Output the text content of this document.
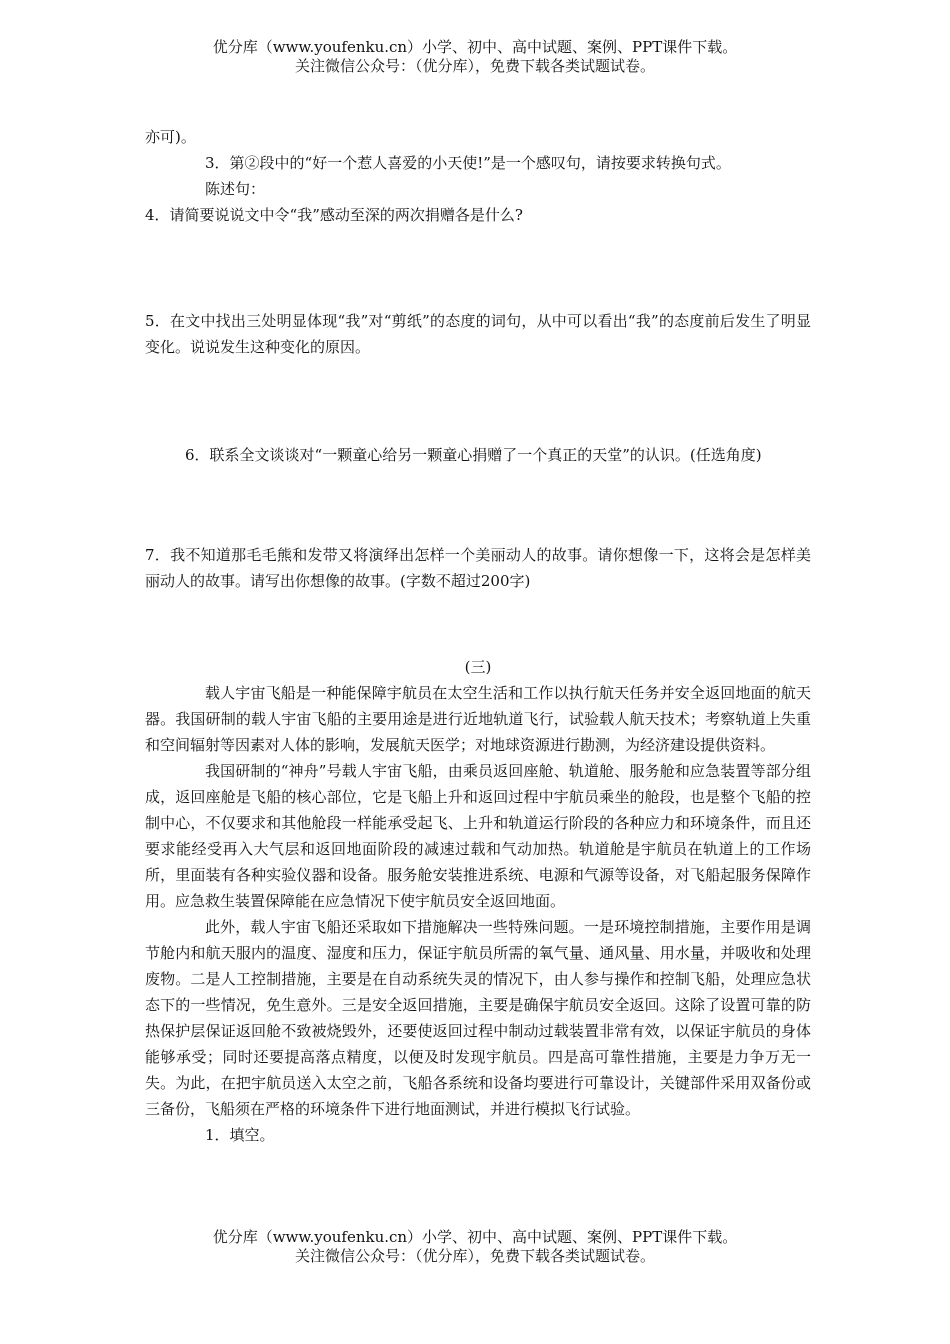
优分库（www.youfenku.cn）小学、初中、高中试题、案例、PPT课件下载。
关注微信公众号：（优分库），免费下载各类试题试卷。

亦可)。

3．第②段中的“好一个惹人喜爱的小天使!”是一个感叹句，请按要求转换句式。

陈述句：

4．请简要说说文中令“我”感动至深的两次捐赠各是什么?

5．在文中找出三处明显体现“我”对“剪纸”的态度的词句，从中可以看出“我”的态度前后发生了明显变化。说说发生这种变化的原因。

6．联系全文谈谈对“一颗童心给另一颗童心捐赠了一个真正的天堂”的认识。(任选角度)

7．我不知道那毛毛熊和发带又将演绎出怎样一个美丽动人的故事。请你想像一下，这将会是怎样美丽动人的故事。请写出你想像的故事。(字数不超过200字)

(三)

载人宇宙飞船是一种能保障宇航员在太空生活和工作以执行航天任务并安全返回地面的航天器。我国研制的载人宇宙飞船的主要用途是进行近地轨道飞行，试验载人航天技术；考察轨道上失重和空间辐射等因素对人体的影响，发展航天医学；对地球资源进行勘测，为经济建设提供资料。

我国研制的“神舟”号载人宇宙飞船，由乘员返回座舱、轨道舱、服务舱和应急装置等部分组成，返回座舱是飞船的核心部位，它是飞船上升和返回过程中宇航员乘坐的舱段，也是整个飞船的控制中心，不仅要求和其他舱段一样能承受起飞、上升和轨道运行阶段的各种应力和环境条件，而且还要求能经受再入大气层和返回地面阶段的减速过载和气动加热。轨道舱是宇航员在轨道上的工作场所，里面装有各种实验仪器和设备。服务舱安装推进系统、电源和气源等设备，对飞船起服务保障作用。应急救生装置保障能在应急情况下使宇航员安全返回地面。

此外，载人宇宙飞船还采取如下措施解决一些特殊问题。一是环境控制措施，主要作用是调节舱内和航天服内的温度、湿度和压力，保证宇航员所需的氧气量、通风量、用水量，并吸收和处理废物。二是人工控制措施，主要是在自动系统失灵的情况下，由人参与操作和控制飞船，处理应急状态下的一些情况，免生意外。三是安全返回措施，主要是确保宇航员安全返回。这除了设置可靠的防热保护层保证返回舱不致被烧毁外，还要使返回过程中制动过载装置非常有效，以保证宇航员的身体能够承受；同时还要提高落点精度，以便及时发现宇航员。四是高可靠性措施，主要是力争万无一失。为此，在把宇航员送入太空之前，飞船各系统和设备均要进行可靠设计，关键部件采用双备份或三备份，飞船须在严格的环境条件下进行地面测试，并进行模拟飞行试验。

1．填空。

优分库（www.youfenku.cn）小学、初中、高中试题、案例、PPT课件下载。
关注微信公众号：（优分库），免费下载各类试题试卷。
